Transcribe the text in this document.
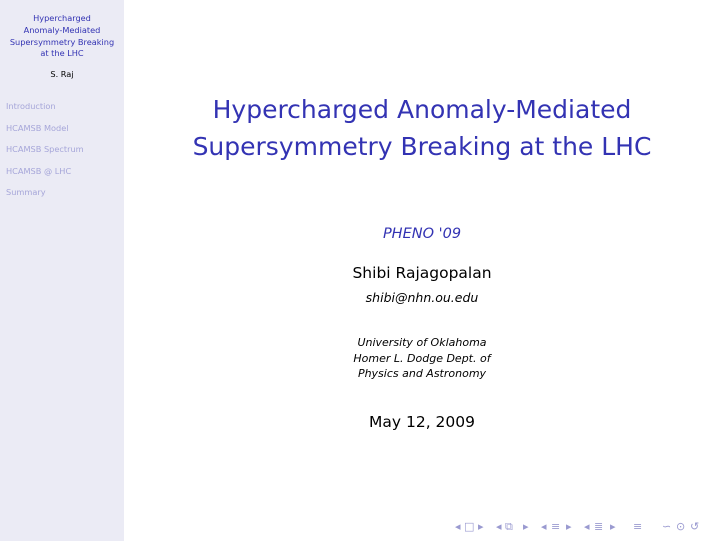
Hypercharged
Anomaly-Mediated
Supersymmetry Breaking
at the LHC
S. Raj
Introduction
HCAMSB Model
HCAMSB Spectrum
HCAMSB @ LHC
Summary
Hypercharged Anomaly-Mediated
Supersymmetry Breaking at the LHC
PHENO '09
Shibi Rajagopalan
shibi@nhn.ou.edu
University of Oklahoma
Homer L. Dodge Dept. of
Physics and Astronomy
May 12, 2009
◂ □ ▸ ◂ ⧉ ▸ ◂ ≡ ▸ ◂ ≣ ▸ ≡ ∽ ⊙ ↺
